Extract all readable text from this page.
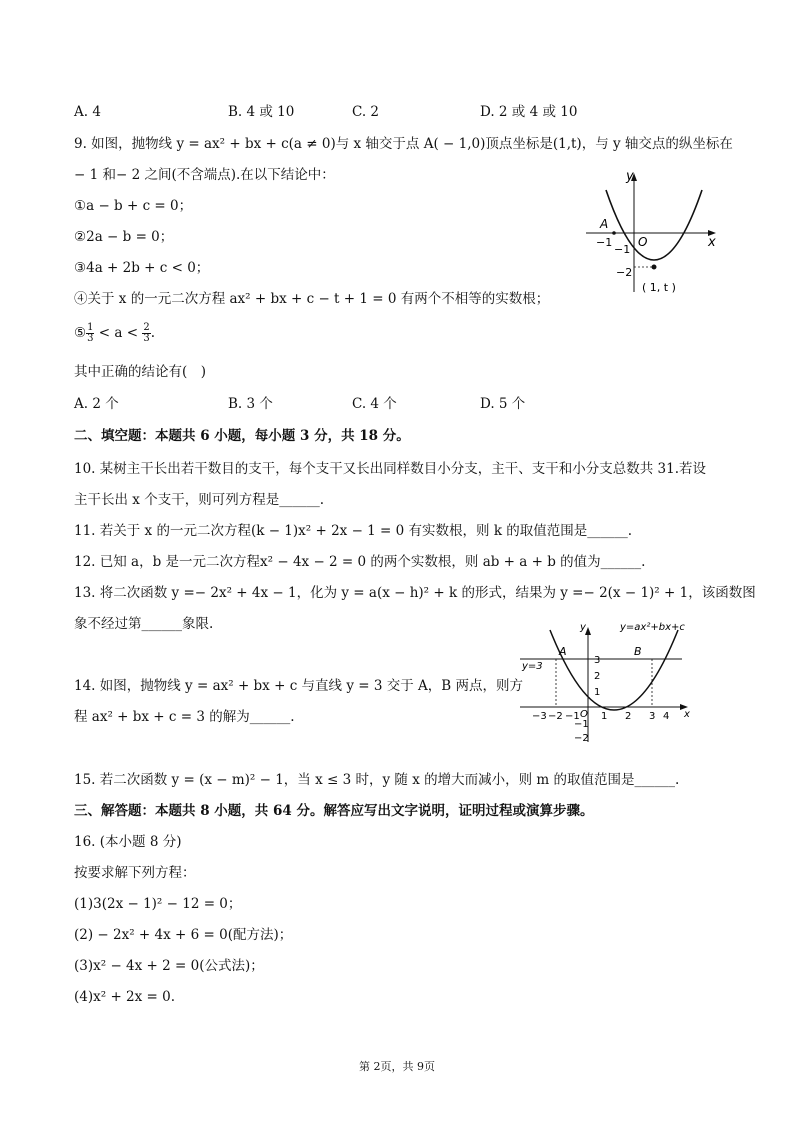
A. 4	B. 4 或 10	C. 2	D. 2 或 4 或 10
9. 如图，抛物线 y = ax² + bx + c(a ≠ 0)与 x 轴交于点 A( − 1,0)顶点坐标是(1,t)，与 y 轴交点的纵坐标在
− 1 和− 2 之间(不含端点).在以下结论中：
①a − b + c = 0；
②2a − b = 0；
③4a + 2b + c < 0；
④关于 x 的一元二次方程 ax² + bx + c − t + 1 = 0 有两个不相等的实数根；
⑤ $\frac{1}{3} < a < \frac{2}{3}$ .
其中正确的结论有(　)
A. 2 个	B. 3 个	C. 4 个	D. 5 个
y
x
O
A
−1
−1
−2
( 1, t )
二、填空题：本题共 6 小题，每小题 3 分，共 18 分。
10. 某树主干长出若干数目的支干，每个支干又长出同样数目小分支，主干、支干和小分支总数共 31.若设
主干长出 x 个支干，则可列方程是______.
11. 若关于 x 的一元二次方程(k − 1)x² + 2x − 1 = 0 有实数根，则 k 的取值范围是______.
12. 已知 a，b 是一元二次方程x² − 4x − 2 = 0 的两个实数根，则 ab + a + b 的值为______.
13. 将二次函数 y =− 2x² + 4x − 1，化为 y = a(x − h)² + k 的形式，结果为 y =− 2(x − 1)² + 1，该函数图
象不经过第______象限.
14. 如图，抛物线 y = ax² + bx + c 与直线 y = 3 交于 A，B 两点，则方
程 ax² + bx + c = 3 的解为______.
y=ax²+bx+c
y=3
A	B
y
x
O
3
2
1
−1
−2
−3 −2 −1 1 2 3 4
15. 若二次函数 y = (x − m)² − 1，当 x ≤ 3 时，y 随 x 的增大而减小，则 m 的取值范围是______.
三、解答题：本题共 8 小题，共 64 分。解答应写出文字说明，证明过程或演算步骤。
16. (本小题 8 分)
按要求解下列方程：
(1)3(2x − 1)² − 12 = 0；
(2) − 2x² + 4x + 6 = 0(配方法)；
(3)x² − 4x + 2 = 0(公式法)；
(4)x² + 2x = 0.
第 2页，共 9页
